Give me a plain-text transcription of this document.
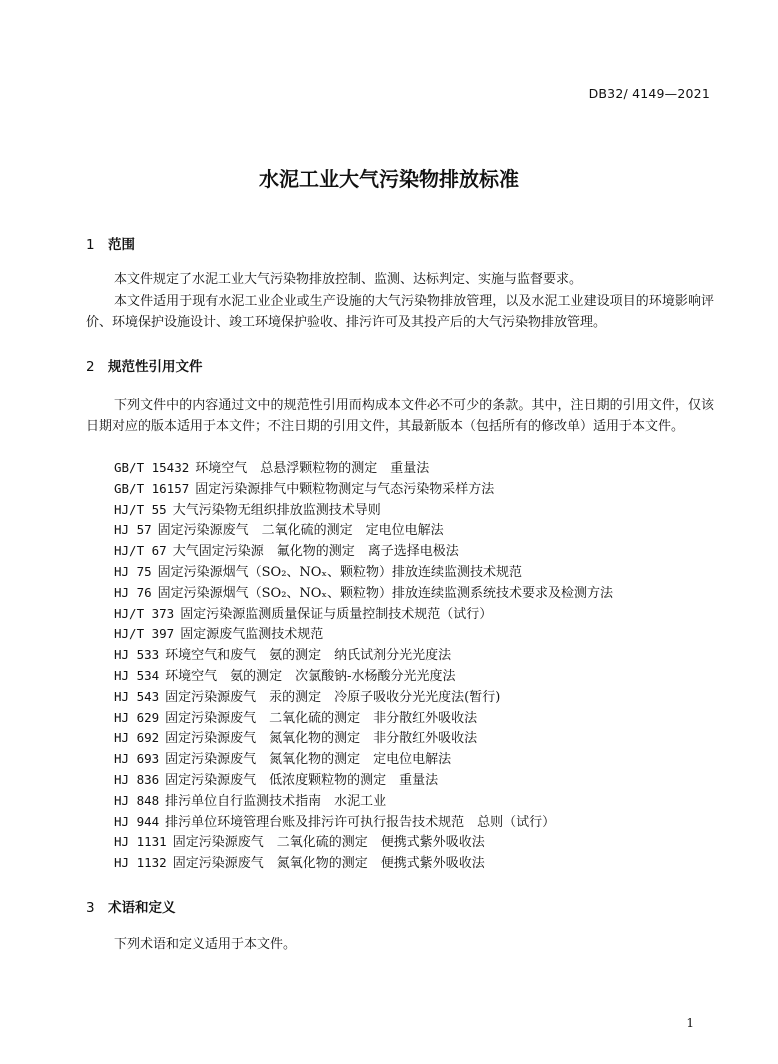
DB32/ 4149—2021
水泥工业大气污染物排放标准
1 范围
本文件规定了水泥工业大气污染物排放控制、监测、达标判定、实施与监督要求。
本文件适用于现有水泥工业企业或生产设施的大气污染物排放管理，以及水泥工业建设项目的环境影响评价、环境保护设施设计、竣工环境保护验收、排污许可及其投产后的大气污染物排放管理。
2 规范性引用文件
下列文件中的内容通过文中的规范性引用而构成本文件必不可少的条款。其中，注日期的引用文件，仅该日期对应的版本适用于本文件；不注日期的引用文件，其最新版本（包括所有的修改单）适用于本文件。
GB/T 15432 环境空气　总悬浮颗粒物的测定　重量法
GB/T 16157 固定污染源排气中颗粒物测定与气态污染物采样方法
HJ/T 55 大气污染物无组织排放监测技术导则
HJ 57 固定污染源废气　二氧化硫的测定　定电位电解法
HJ/T 67 大气固定污染源　氟化物的测定　离子选择电极法
HJ 75 固定污染源烟气（SO₂、NOₓ、颗粒物）排放连续监测技术规范
HJ 76 固定污染源烟气（SO₂、NOₓ、颗粒物）排放连续监测系统技术要求及检测方法
HJ/T 373 固定污染源监测质量保证与质量控制技术规范（试行）
HJ/T 397 固定源废气监测技术规范
HJ 533 环境空气和废气　氨的测定　纳氏试剂分光光度法
HJ 534 环境空气　氨的测定　次氯酸钠-水杨酸分光光度法
HJ 543 固定污染源废气　汞的测定　冷原子吸收分光光度法(暂行)
HJ 629 固定污染源废气　二氧化硫的测定　非分散红外吸收法
HJ 692 固定污染源废气　氮氧化物的测定　非分散红外吸收法
HJ 693 固定污染源废气　氮氧化物的测定　定电位电解法
HJ 836 固定污染源废气　低浓度颗粒物的测定　重量法
HJ 848 排污单位自行监测技术指南　水泥工业
HJ 944 排污单位环境管理台账及排污许可执行报告技术规范　总则（试行）
HJ 1131 固定污染源废气　二氧化硫的测定　便携式紫外吸收法
HJ 1132 固定污染源废气　氮氧化物的测定　便携式紫外吸收法
3 术语和定义
下列术语和定义适用于本文件。
1
